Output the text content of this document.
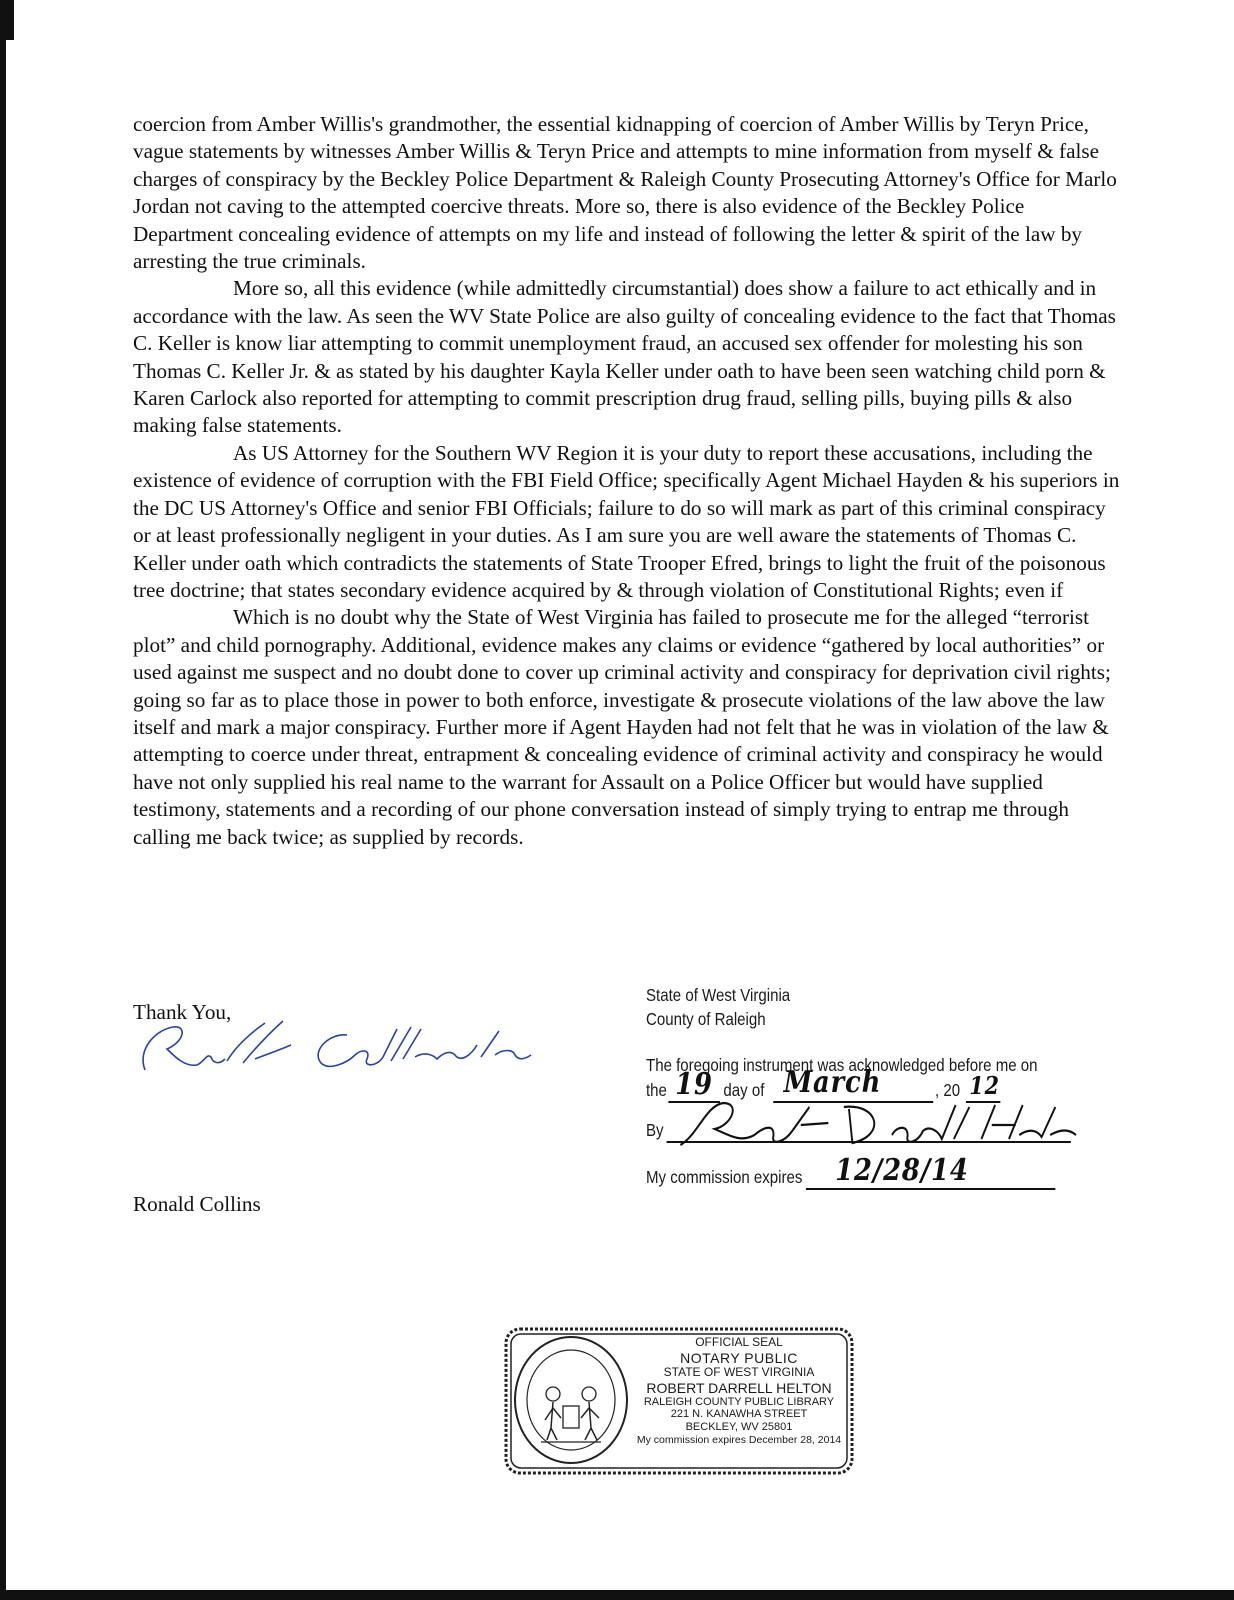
coercion from Amber Willis's grandmother, the essential kidnapping of coercion of Amber Willis by Teryn Price, vague statements by witnesses Amber Willis & Teryn Price and attempts to mine information from myself & false charges of conspiracy by the Beckley Police Department & Raleigh County Prosecuting Attorney's Office for Marlo Jordan not caving to the attempted coercive threats. More so, there is also evidence of the Beckley Police Department concealing evidence of attempts on my life and instead of following the letter & spirit of the law by arresting the true criminals.

More so, all this evidence (while admittedly circumstantial) does show a failure to act ethically and in accordance with the law. As seen the WV State Police are also guilty of concealing evidence to the fact that Thomas C. Keller is know liar attempting to commit unemployment fraud, an accused sex offender for molesting his son Thomas C. Keller Jr. & as stated by his daughter Kayla Keller under oath to have been seen watching child porn & Karen Carlock also reported for attempting to commit prescription drug fraud, selling pills, buying pills & also making false statements.

As US Attorney for the Southern WV Region it is your duty to report these accusations, including the existence of evidence of corruption with the FBI Field Office; specifically Agent Michael Hayden & his superiors in the DC US Attorney's Office and senior FBI Officials; failure to do so will mark as part of this criminal conspiracy or at least professionally negligent in your duties. As I am sure you are well aware the statements of Thomas C. Keller under oath which contradicts the statements of State Trooper Efred, brings to light the fruit of the poisonous tree doctrine; that states secondary evidence acquired by & through violation of Constitutional Rights; even if

Which is no doubt why the State of West Virginia has failed to prosecute me for the alleged “terrorist plot” and child pornography. Additional, evidence makes any claims or evidence “gathered by local authorities” or used against me suspect and no doubt done to cover up criminal activity and conspiracy for deprivation civil rights; going so far as to place those in power to both enforce, investigate & prosecute violations of the law above the law itself and mark a major conspiracy. Further more if Agent Hayden had not felt that he was in violation of the law & attempting to coerce under threat, entrapment & concealing evidence of criminal activity and conspiracy he would have not only supplied his real name to the warrant for Assault on a Police Officer but would have supplied testimony, statements and a recording of our phone conversation instead of simply trying to entrap me through calling me back twice; as supplied by records.

Thank You,
Ronald Collins
State of West Virginia
County of Raleigh
The foregoing instrument was acknowledged before me on
the 19 day of March	, 20 12
By
My commission expires 12/28/14
OFFICIAL SEAL
NOTARY PUBLIC
STATE OF WEST VIRGINIA
ROBERT DARRELL HELTON
RALEIGH COUNTY PUBLIC LIBRARY
221 N. KANAWHA STREET
BECKLEY, WV 25801
My commission expires December 28, 2014
